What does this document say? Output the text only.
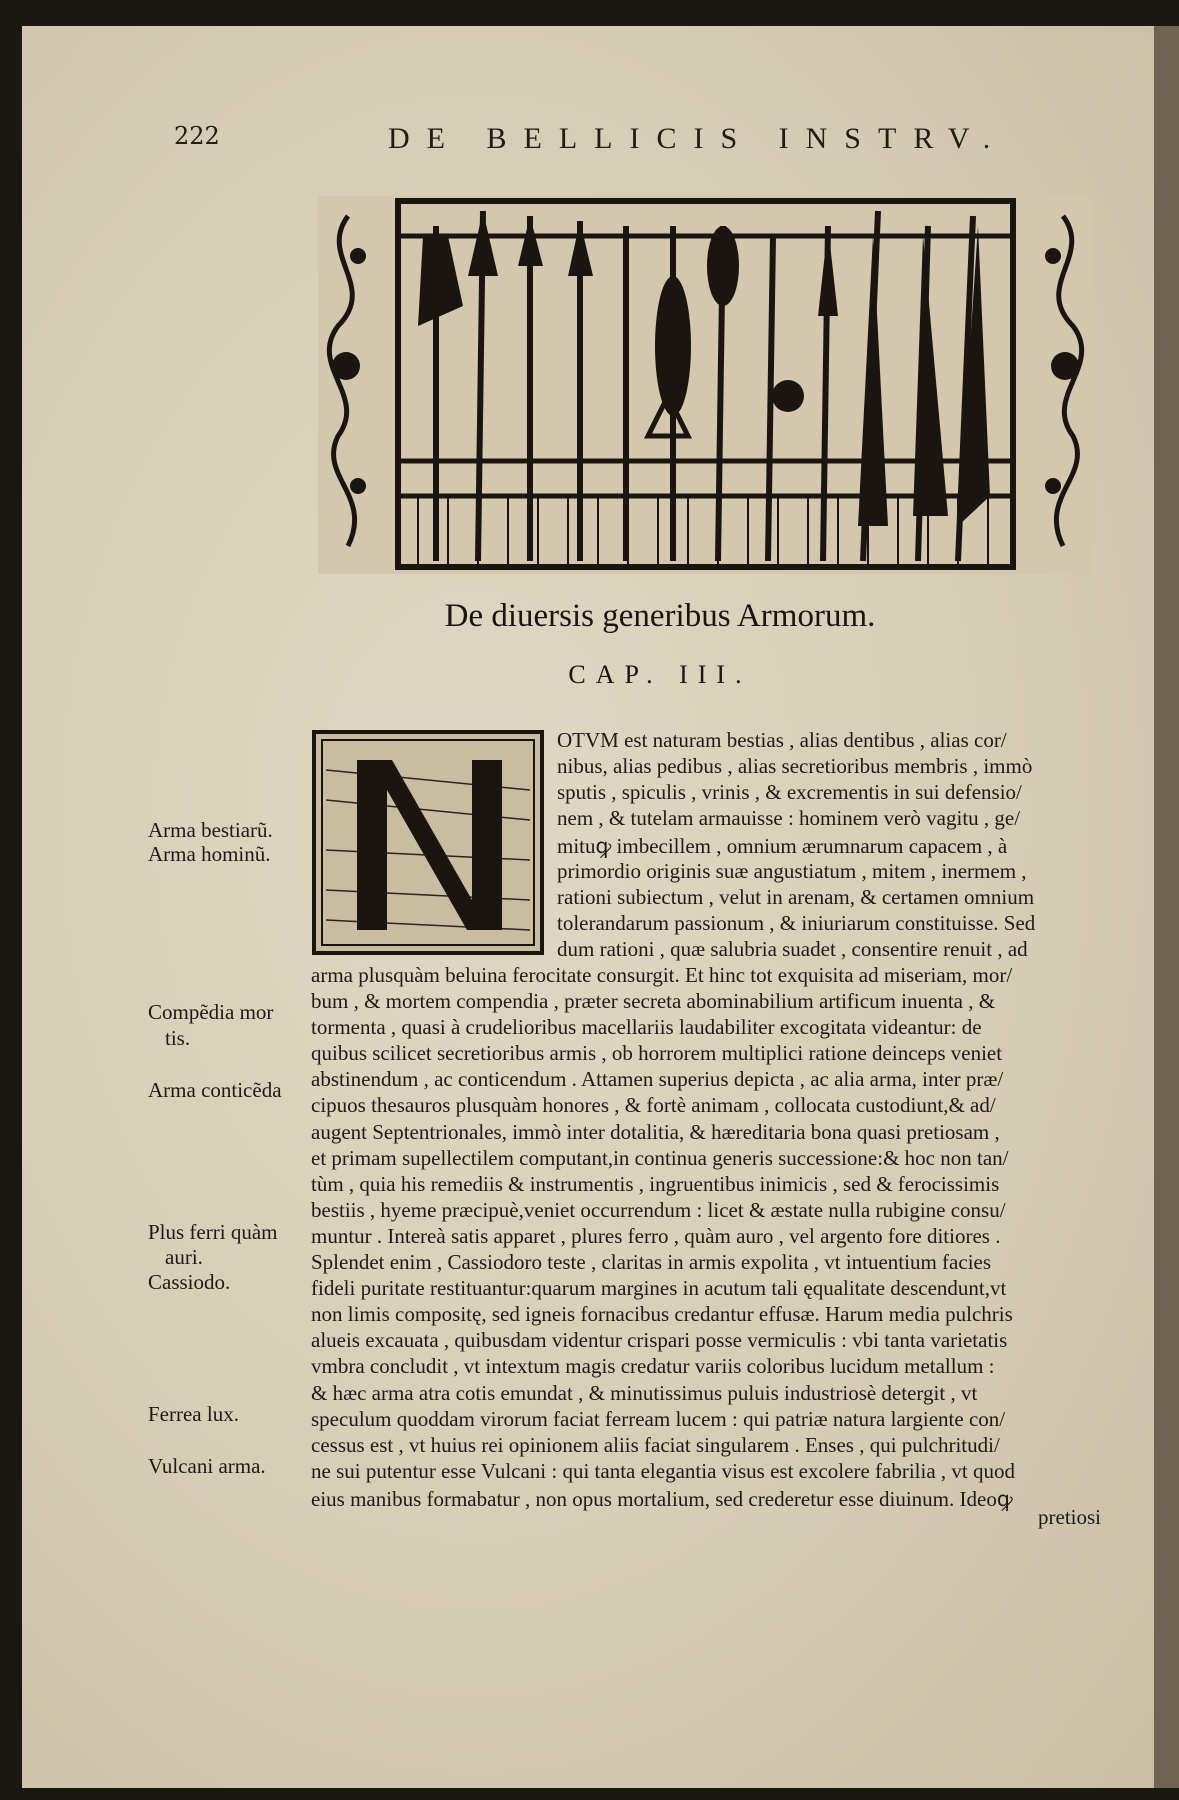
222	DE BELLICIS INSTRV.
De diuersis generibus Armorum.
CAP. III.
OTVM est naturam bestias , alias dentibus , alias cor/
nibus, alias pedibus , alias secretioribus membris , immò
sputis , spiculis , vrinis , & excrementis in sui defensio/
nem , & tutelam armauisse : hominem verò vagitu , ge/
mituꝙ imbecillem , omnium ærumnarum capacem , à
primordio originis suæ angustiatum , mitem , inermem ,
rationi subiectum , velut in arenam, & certamen omnium
tolerandarum passionum , & iniuriarum constituisse. Sed
dum rationi , quæ salubria suadet , consentire renuit , ad
arma plusquàm beluina ferocitate consurgit. Et hinc tot exquisita ad miseriam, mor/
bum , & mortem compendia , præter secreta abominabilium artificum inuenta , &
tormenta , quasi à crudelioribus macellariis laudabiliter excogitata videantur: de
quibus scilicet secretioribus armis , ob horrorem multiplici ratione deinceps veniet
abstinendum , ac conticendum . Attamen superius depicta , ac alia arma, inter præ/
cipuos thesauros plusquàm honores , & fortè animam , collocata custodiunt,& ad/
augent Septentrionales, immò inter dotalitia, & hæreditaria bona quasi pretiosam ,
et primam supellectilem computant,in continua generis successione:& hoc non tan/
tùm , quia his remediis & instrumentis , ingruentibus inimicis , sed & ferocissimis
bestiis , hyeme præcipuè,veniet occurrendum : licet & æstate nulla rubigine consu/
muntur . Intereà satis apparet , plures ferro , quàm auro , vel argento fore ditiores .
Splendet enim , Cassiodoro teste , claritas in armis expolita , vt intuentium facies
fideli puritate restituantur:quarum margines in acutum tali ęqualitate descendunt,vt
non limis compositę, sed igneis fornacibus credantur effusæ. Harum media pulchris
alueis excauata , quibusdam videntur crispari posse vermiculis : vbi tanta varietatis
vmbra concludit , vt intextum magis credatur variis coloribus lucidum metallum :
& hæc arma atra cotis emundat , & minutissimus puluis industriosè detergit , vt
speculum quoddam virorum faciat ferream lucem : qui patriæ natura largiente con/
cessus est , vt huius rei opinionem aliis faciat singularem . Enses , qui pulchritudi/
ne sui putentur esse Vulcani : qui tanta elegantia visus est excolere fabrilia , vt quod
eius manibus formabatur , non opus mortalium, sed crederetur esse diuinum. Ideoꝙ
pretiosi
Arma bestiarũ.
Arma hominũ.
Compẽdia mor
tis.
Arma conticẽda
Plus ferri quàm
auri.
Cassiodo.
Ferrea lux.
Vulcani arma.
